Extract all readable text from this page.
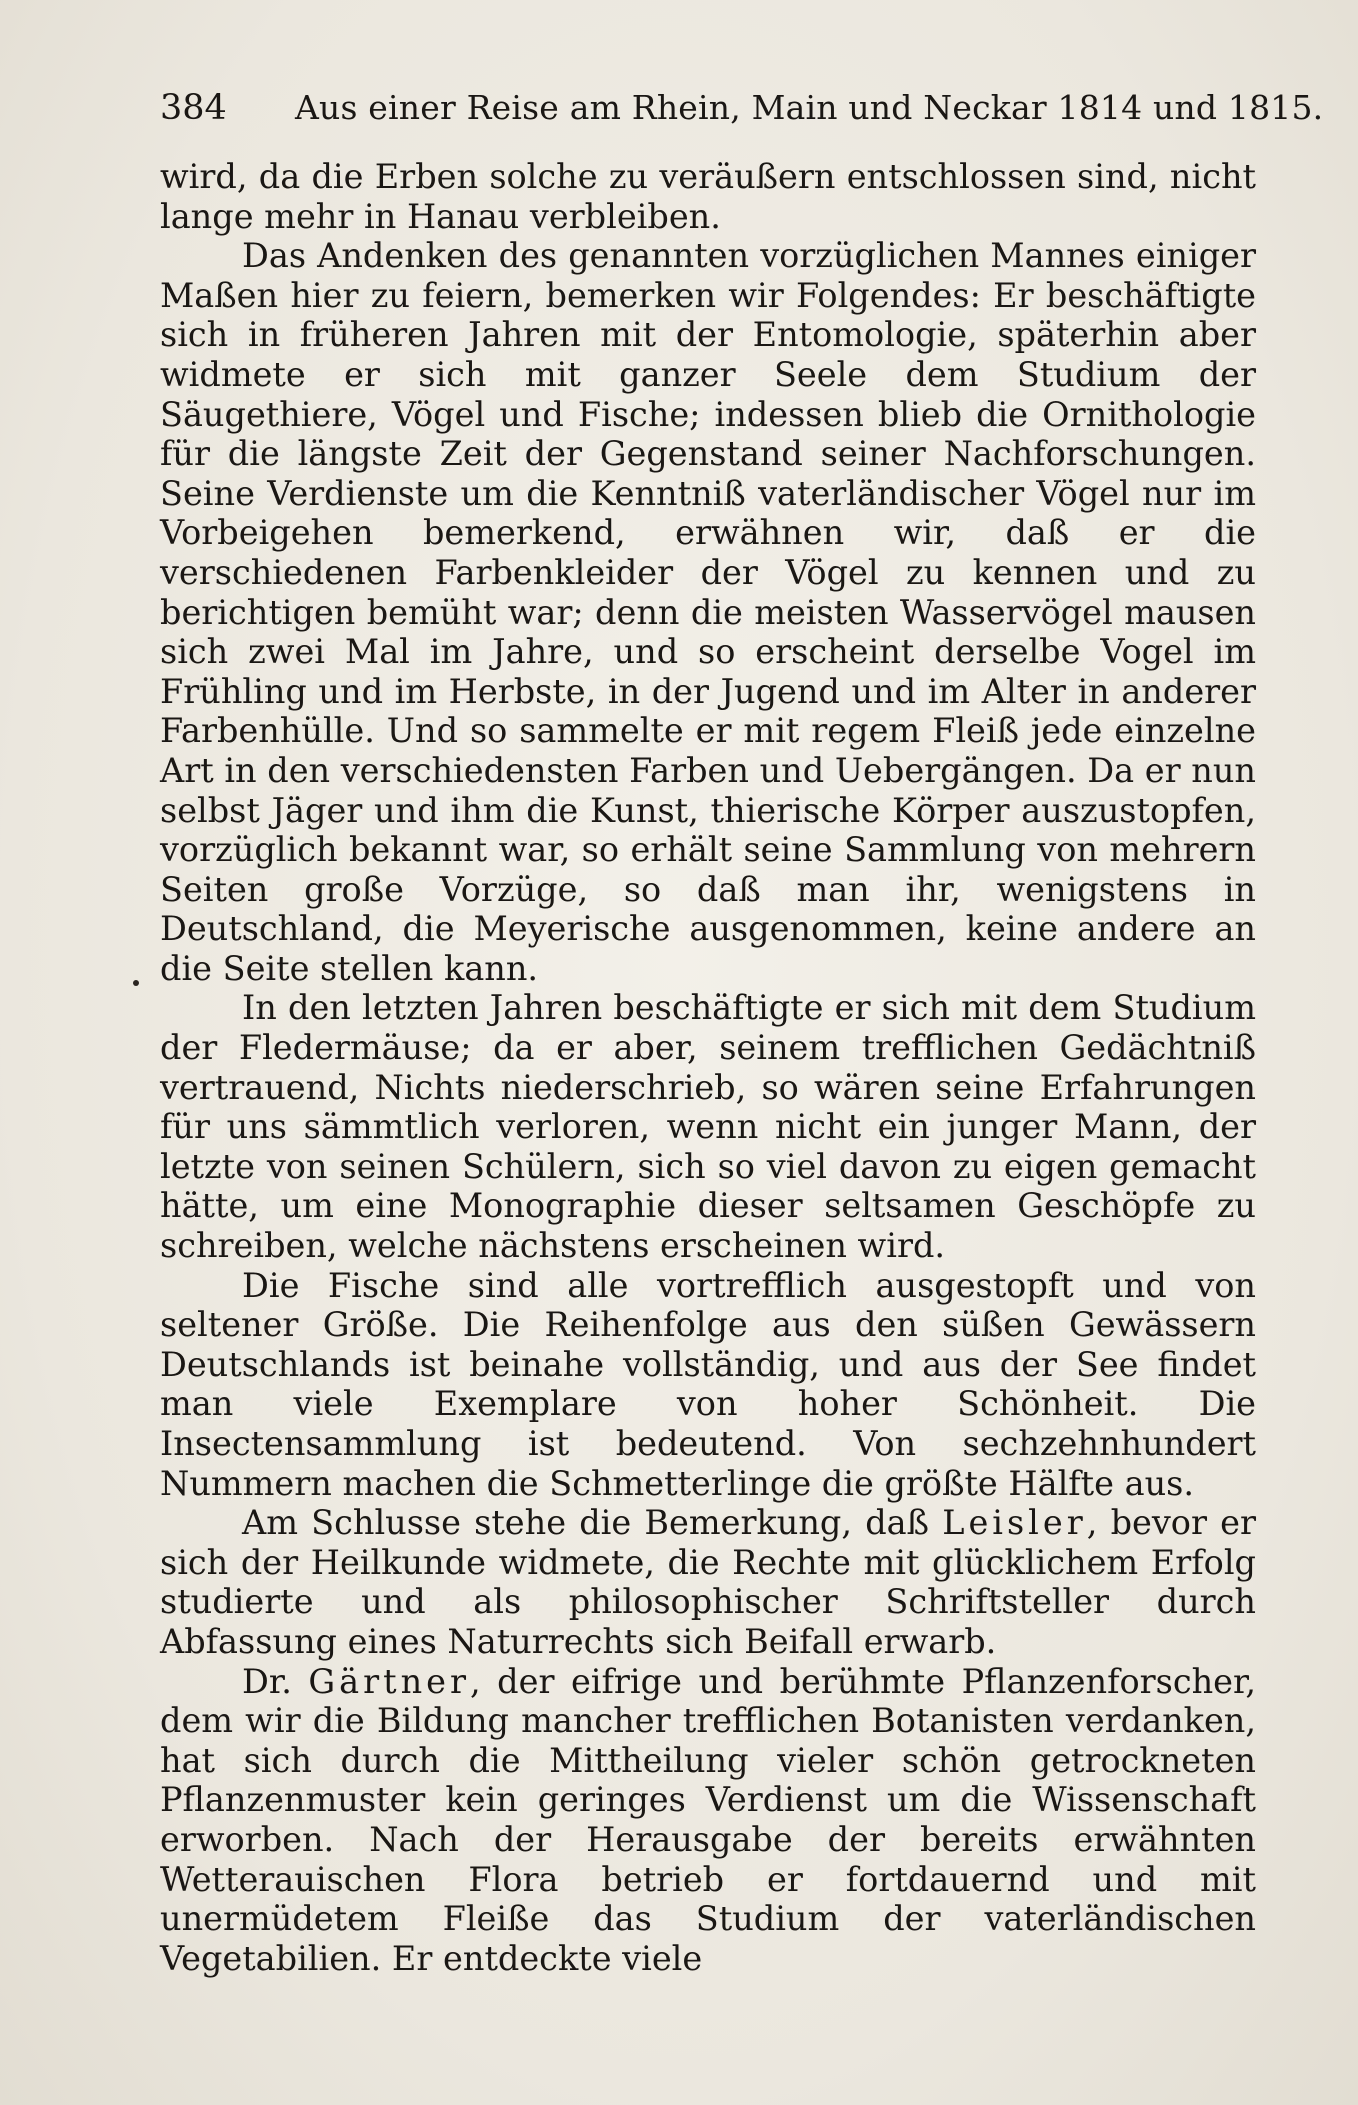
384 Aus einer Reise am Rhein, Main und Neckar 1814 und 1815.

wird, da die Erben solche zu veräußern entschlossen sind, nicht lange mehr in Hanau verbleiben.

Das Andenken des genannten vorzüglichen Mannes einiger Maßen hier zu feiern, bemerken wir Folgendes: Er beschäftigte sich in früheren Jahren mit der Entomologie, späterhin aber widmete er sich mit ganzer Seele dem Studium der Säugethiere, Vögel und Fische; indessen blieb die Ornithologie für die längste Zeit der Gegenstand seiner Nachforschungen. Seine Verdienste um die Kenntniß vaterländischer Vögel nur im Vorbeigehen bemerkend, erwähnen wir, daß er die verschiedenen Farbenkleider der Vögel zu kennen und zu berichtigen bemüht war; denn die meisten Wasservögel mausen sich zwei Mal im Jahre, und so erscheint derselbe Vogel im Frühling und im Herbste, in der Jugend und im Alter in anderer Farbenhülle. Und so sammelte er mit regem Fleiß jede einzelne Art in den verschiedensten Farben und Uebergängen. Da er nun selbst Jäger und ihm die Kunst, thierische Körper auszustopfen, vorzüglich bekannt war, so erhält seine Sammlung von mehrern Seiten große Vorzüge, so daß man ihr, wenigstens in Deutschland, die Meyerische ausgenommen, keine andere an die Seite stellen kann.

In den letzten Jahren beschäftigte er sich mit dem Studium der Fledermäuse; da er aber, seinem trefflichen Gedächtniß vertrauend, Nichts niederschrieb, so wären seine Erfahrungen für uns sämmtlich verloren, wenn nicht ein junger Mann, der letzte von seinen Schülern, sich so viel davon zu eigen gemacht hätte, um eine Monographie dieser seltsamen Geschöpfe zu schreiben, welche nächstens erscheinen wird.

Die Fische sind alle vortrefflich ausgestopft und von seltener Größe. Die Reihenfolge aus den süßen Gewässern Deutschlands ist beinahe vollständig, und aus der See findet man viele Exemplare von hoher Schönheit. Die Insectensammlung ist bedeutend. Von sechzehnhundert Nummern machen die Schmetterlinge die größte Hälfte aus.

Am Schlusse stehe die Bemerkung, daß Leisler, bevor er sich der Heilkunde widmete, die Rechte mit glücklichem Erfolg studierte und als philosophischer Schriftsteller durch Abfassung eines Naturrechts sich Beifall erwarb.

Dr. Gärtner, der eifrige und berühmte Pflanzenforscher, dem wir die Bildung mancher trefflichen Botanisten verdanken, hat sich durch die Mittheilung vieler schön getrockneten Pflanzenmuster kein geringes Verdienst um die Wissenschaft erworben. Nach der Herausgabe der bereits erwähnten Wetterauischen Flora betrieb er fortdauernd und mit unermüdetem Fleiße das Studium der vaterländischen Vegetabilien. Er entdeckte viele
